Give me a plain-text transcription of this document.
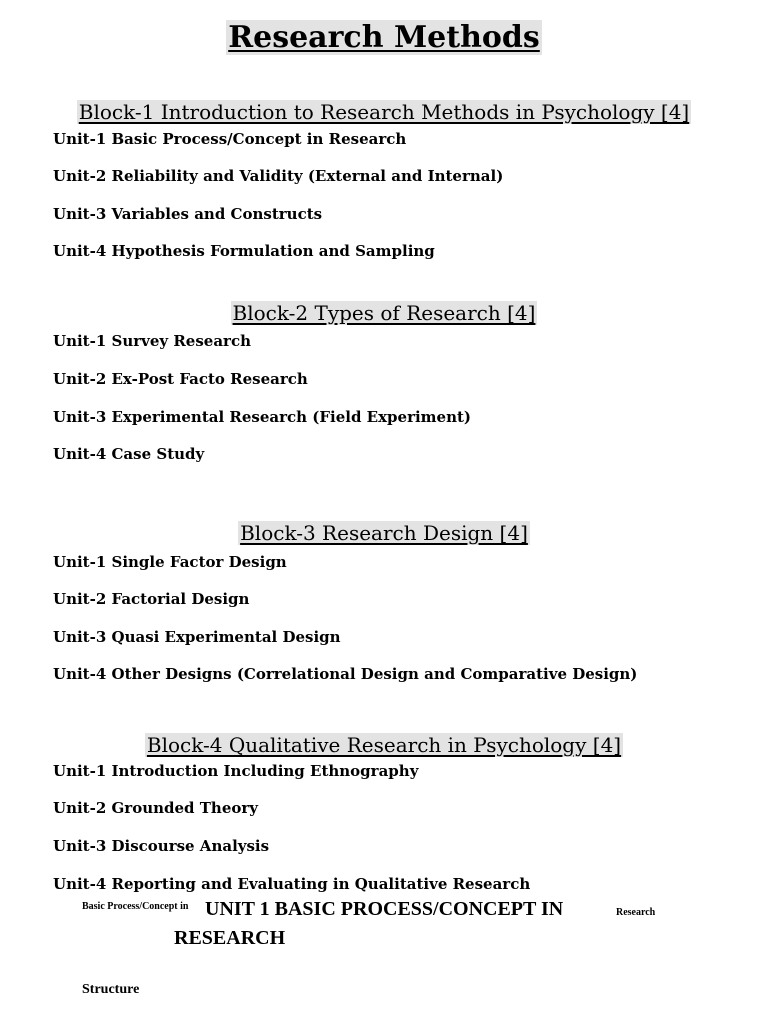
Research Methods
Block-1 Introduction to Research Methods in Psychology [4]

Unit-1 Basic Process/Concept in Research

Unit-2 Reliability and Validity (External and Internal)

Unit-3 Variables and Constructs

Unit-4 Hypothesis Formulation and Sampling

Block-2 Types of Research [4]

Unit-1 Survey Research

Unit-2 Ex-Post Facto Research

Unit-3 Experimental Research (Field Experiment)

Unit-4 Case Study

Block-3 Research Design [4]

Unit-1 Single Factor Design

Unit-2 Factorial Design

Unit-3 Quasi Experimental Design

Unit-4 Other Designs (Correlational Design and Comparative Design)

Block-4 Qualitative Research in Psychology [4]

Unit-1 Introduction Including Ethnography

Unit-2 Grounded Theory

Unit-3 Discourse Analysis

Unit-4 Reporting and Evaluating in Qualitative Research

Basic Process/Concept in UNIT 1 BASIC PROCESS/CONCEPT IN	Research
RESEARCH
Structure
